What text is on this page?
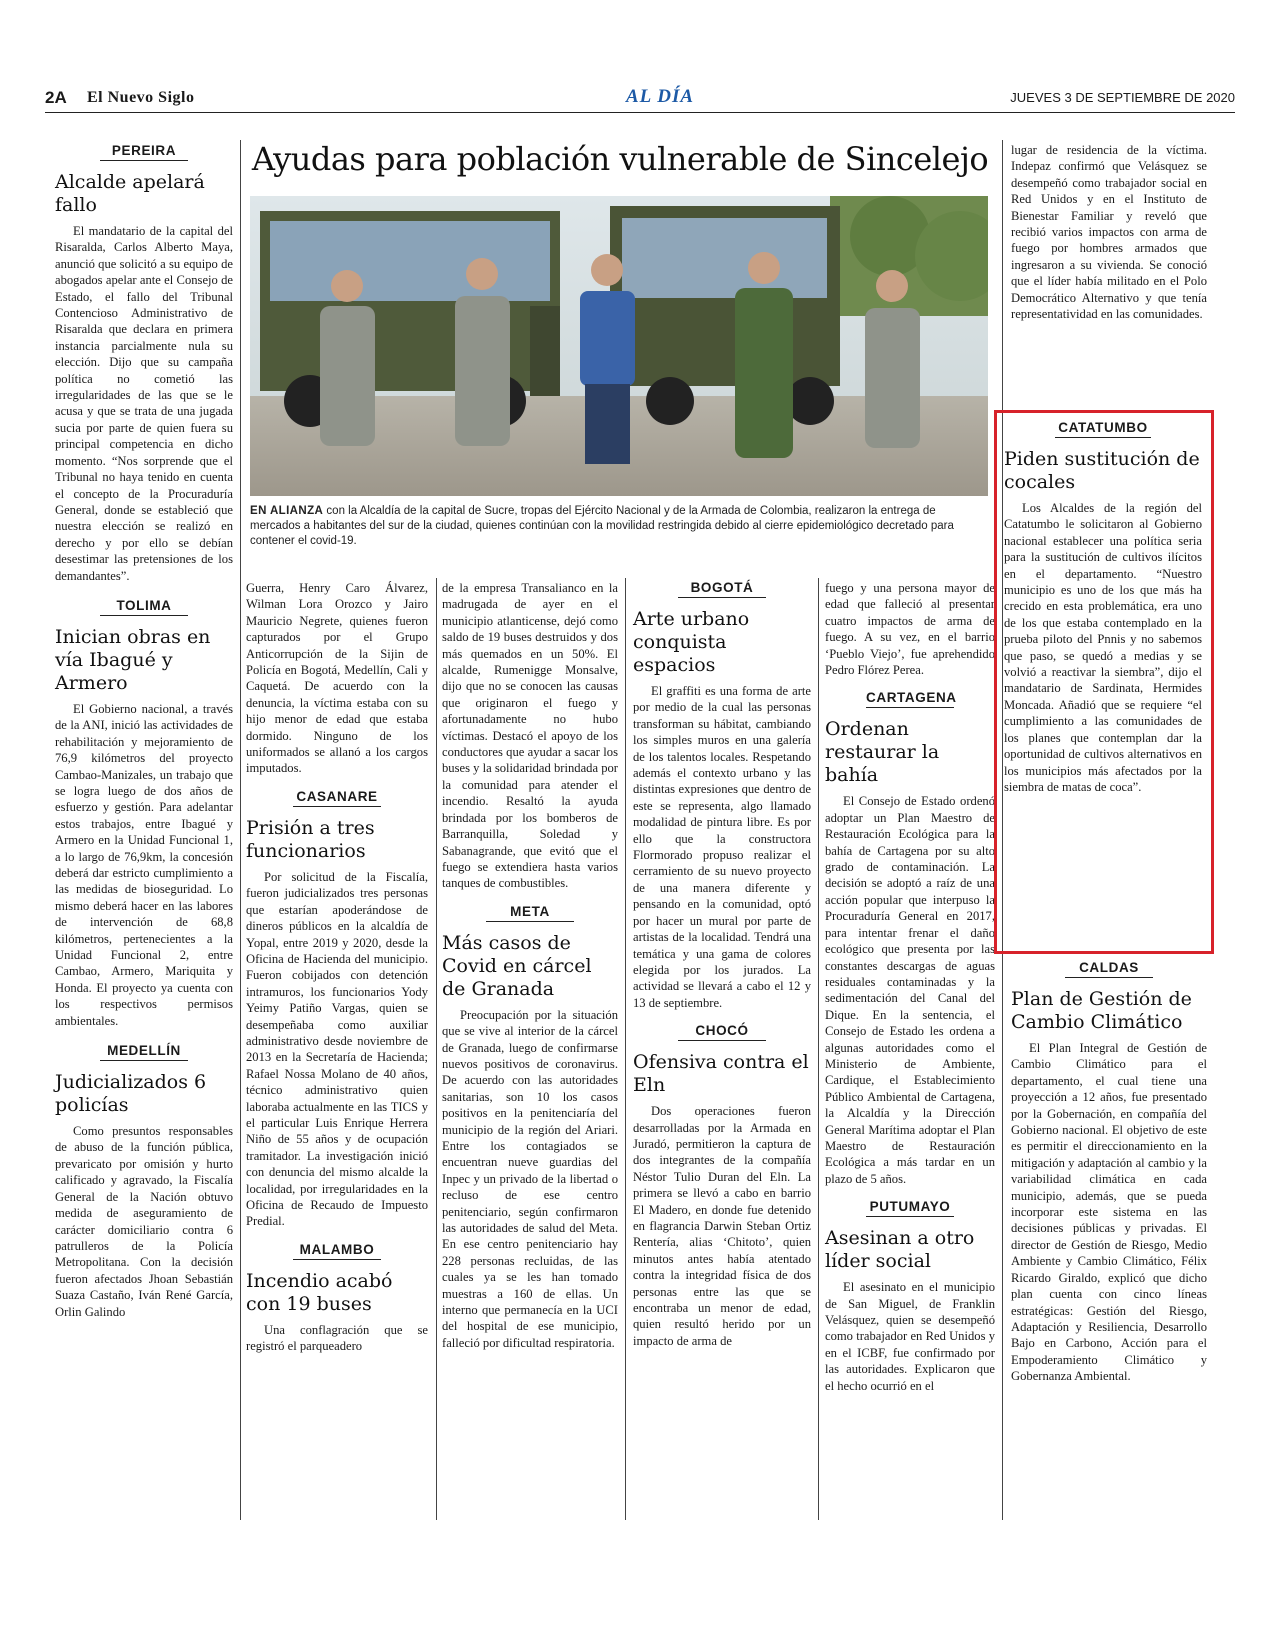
2A El Nuevo Siglo	AL DÍA	JUEVES 3 DE SEPTIEMBRE DE 2020
PEREIRA
Alcalde apelará fallo

El mandatario de la capital del Risaralda, Carlos Alberto Maya, anunció que solicitó a su equipo de abogados apelar ante el Consejo de Estado, el fallo del Tribunal Contencioso Administrativo de Risaralda que declara en primera instancia parcialmente nula su elección. Dijo que su campaña política no cometió las irregularidades de las que se le acusa y que se trata de una jugada sucia por parte de quien fuera su principal competencia en dicho momento. “Nos sorprende que el Tribunal no haya tenido en cuenta el concepto de la Procuraduría General, donde se estableció que nuestra elección se realizó en derecho y por ello se debían desestimar las pretensiones de los demandantes”.

TOLIMA
Inician obras en vía Ibagué y Armero

El Gobierno nacional, a través de la ANI, inició las actividades de rehabilitación y mejoramiento de 76,9 kilómetros del proyecto Cambao-Manizales, un trabajo que se logra luego de dos años de esfuerzo y gestión. Para adelantar estos trabajos, entre Ibagué y Armero en la Unidad Funcional 1, a lo largo de 76,9km, la concesión deberá dar estricto cumplimiento a las medidas de bioseguridad. Lo mismo deberá hacer en las labores de intervención de 68,8 kilómetros, pertenecientes a la Unidad Funcional 2, entre Cambao, Armero, Mariquita y Honda. El proyecto ya cuenta con los respectivos permisos ambientales.

MEDELLÍN
Judicializados 6 policías

Como presuntos responsables de abuso de la función pública, prevaricato por omisión y hurto calificado y agravado, la Fiscalía General de la Nación obtuvo medida de aseguramiento de carácter domiciliario contra 6 patrulleros de la Policía Metropolitana. Con la decisión fueron afectados Jhoan Sebastián Suaza Castaño, Iván René García, Orlin Galindo

Ayudas para población vulnerable de Sincelejo
EN ALIANZA con la Alcaldía de la capital de Sucre, tropas del Ejército Nacional y de la Armada de Colombia, realizaron la entrega de mercados a habitantes del sur de la ciudad, quienes continúan con la movilidad restringida debido al cierre epidemiológico decretado para contener el covid-19.

Guerra, Henry Caro Álvarez, Wilman Lora Orozco y Jairo Mauricio Negrete, quienes fueron capturados por el Grupo Anticorrupción de la Sijin de Policía en Bogotá, Medellín, Cali y Caquetá. De acuerdo con la denuncia, la víctima estaba con su hijo menor de edad que estaba dormido. Ninguno de los uniformados se allanó a los cargos imputados.

CASANARE
Prisión a tres funcionarios

Por solicitud de la Fiscalía, fueron judicializados tres personas que estarían apoderándose de dineros públicos en la alcaldía de Yopal, entre 2019 y 2020, desde la Oficina de Hacienda del municipio. Fueron cobijados con detención intramuros, los funcionarios Yody Yeimy Patiño Vargas, quien se desempeñaba como auxiliar administrativo desde noviembre de 2013 en la Secretaría de Hacienda; Rafael Nossa Molano de 40 años, técnico administrativo quien laboraba actualmente en las TICS y el particular Luis Enrique Herrera Niño de 55 años y de ocupación tramitador. La investigación inició con denuncia del mismo alcalde la localidad, por irregularidades en la Oficina de Recaudo de Impuesto Predial.

MALAMBO
Incendio acabó con 19 buses

Una conflagración que se registró el parqueadero

de la empresa Transalianco en la madrugada de ayer en el municipio atlanticense, dejó como saldo de 19 buses destruidos y dos más quemados en un 50%. El alcalde, Rumenigge Monsalve, dijo que no se conocen las causas que originaron el fuego y afortunadamente no hubo víctimas. Destacó el apoyo de los conductores que ayudar a sacar los buses y la solidaridad brindada por la comunidad para atender el incendio. Resaltó la ayuda brindada por los bomberos de Barranquilla, Soledad y Sabanagrande, que evitó que el fuego se extendiera hasta varios tanques de combustibles.

META
Más casos de Covid en cárcel de Granada

Preocupación por la situación que se vive al interior de la cárcel de Granada, luego de confirmarse nuevos positivos de coronavirus. De acuerdo con las autoridades sanitarias, son 10 los casos positivos en la penitenciaría del municipio de la región del Ariari. Entre los contagiados se encuentran nueve guardias del Inpec y un privado de la libertad o recluso de ese centro penitenciario, según confirmaron las autoridades de salud del Meta. En ese centro penitenciario hay 228 personas recluidas, de las cuales ya se les han tomado muestras a 160 de ellas. Un interno que permanecía en la UCI del hospital de ese municipio, falleció por dificultad respiratoria.

BOGOTÁ
Arte urbano conquista espacios

El graffiti es una forma de arte por medio de la cual las personas transforman su hábitat, cambiando los simples muros en una galería de los talentos locales. Respetando además el contexto urbano y las distintas expresiones que dentro de este se representa, algo llamado modalidad de pintura libre. Es por ello que la constructora Flormorado propuso realizar el cerramiento de su nuevo proyecto de una manera diferente y pensando en la comunidad, optó por hacer un mural por parte de artistas de la localidad. Tendrá una temática y una gama de colores elegida por los jurados. La actividad se llevará a cabo el 12 y 13 de septiembre.

CHOCÓ
Ofensiva contra el Eln

Dos operaciones fueron desarrolladas por la Armada en Juradó, permitieron la captura de dos integrantes de la compañía Néstor Tulio Duran del Eln. La primera se llevó a cabo en barrio El Madero, en donde fue detenido en flagrancia Darwin Steban Ortiz Rentería, alias ‘Chitoto’, quien minutos antes había atentado contra la integridad física de dos personas entre las que se encontraba un menor de edad, quien resultó herido por un impacto de arma de

fuego y una persona mayor de edad que falleció al presentar cuatro impactos de arma de fuego. A su vez, en el barrio ‘Pueblo Viejo’, fue aprehendido Pedro Flórez Perea.

CARTAGENA
Ordenan restaurar la bahía

El Consejo de Estado ordenó adoptar un Plan Maestro de Restauración Ecológica para la bahía de Cartagena por su alto grado de contaminación. La decisión se adoptó a raíz de una acción popular que interpuso la Procuraduría General en 2017, para intentar frenar el daño ecológico que presenta por las constantes descargas de aguas residuales contaminadas y la sedimentación del Canal del Dique. En la sentencia, el Consejo de Estado les ordena a algunas autoridades como el Ministerio de Ambiente, Cardique, el Establecimiento Público Ambiental de Cartagena, la Alcaldía y la Dirección General Marítima adoptar el Plan Maestro de Restauración Ecológica a más tardar en un plazo de 5 años.

PUTUMAYO
Asesinan a otro líder social

El asesinato en el municipio de San Miguel, de Franklin Velásquez, quien se desempeñó como trabajador en Red Unidos y en el ICBF, fue confirmado por las autoridades. Explicaron que el hecho ocurrió en el

lugar de residencia de la víctima. Indepaz confirmó que Velásquez se desempeñó como trabajador social en Red Unidos y en el Instituto de Bienestar Familiar y reveló que recibió varios impactos con arma de fuego por hombres armados que ingresaron a su vivienda. Se conoció que el líder había militado en el Polo Democrático Alternativo y que tenía representatividad en las comunidades.

CATATUMBO
Piden sustitución de cocales

Los Alcaldes de la región del Catatumbo le solicitaron al Gobierno nacional establecer una política seria para la sustitución de cultivos ilícitos en el departamento. “Nuestro municipio es uno de los que más ha crecido en esta problemática, era uno de los que estaba contemplado en la prueba piloto del Pnnis y no sabemos que paso, se quedó a medias y se volvió a reactivar la siembra”, dijo el mandatario de Sardinata, Hermides Moncada. Añadió que se requiere “el cumplimiento a las comunidades de los planes que contemplan dar la oportunidad de cultivos alternativos en los municipios más afectados por la siembra de matas de coca”.

CALDAS
Plan de Gestión de Cambio Climático

El Plan Integral de Gestión de Cambio Climático para el departamento, el cual tiene una proyección a 12 años, fue presentado por la Gobernación, en compañía del Gobierno nacional. El objetivo de este es permitir el direccionamiento en la mitigación y adaptación al cambio y la variabilidad climática en cada municipio, además, que se pueda incorporar este sistema en las decisiones públicas y privadas. El director de Gestión de Riesgo, Medio Ambiente y Cambio Climático, Félix Ricardo Giraldo, explicó que dicho plan cuenta con cinco líneas estratégicas: Gestión del Riesgo, Adaptación y Resiliencia, Desarrollo Bajo en Carbono, Acción para el Empoderamiento Climático y Gobernanza Ambiental.
